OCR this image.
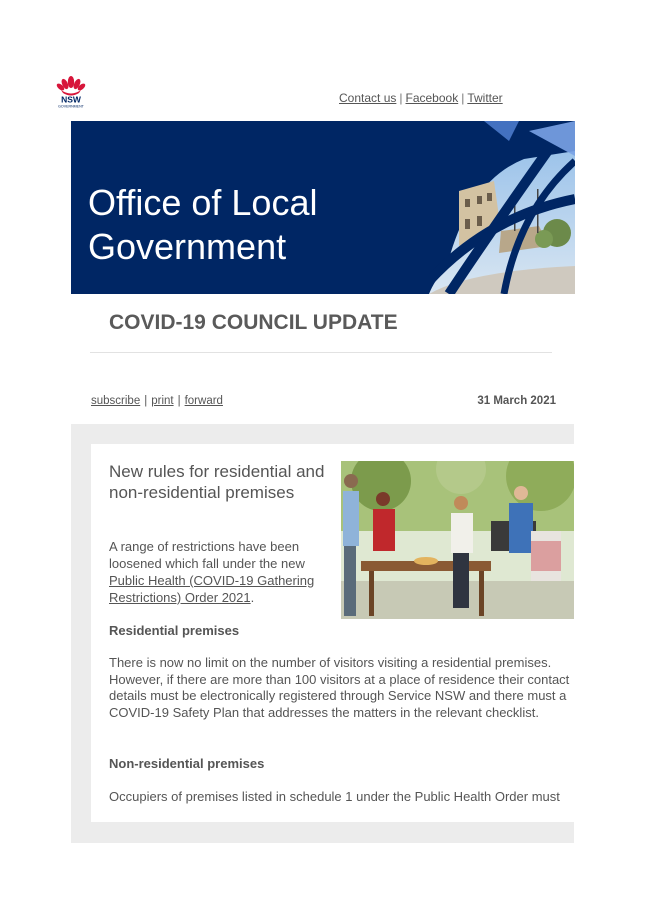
NSW
GOVERNMENT
Contact us | Facebook | Twitter
Office of Local
Government
COVID-19 COUNCIL UPDATE
subscribe | print | forward	31 March 2021
New rules for residential and non-residential premises
A range of restrictions have been loosened which fall under the new Public Health (COVID-19 Gathering Restrictions) Order 2021.
Residential premises
There is now no limit on the number of visitors visiting a residential premises. However, if there are more than 100 visitors at a place of residence their contact details must be electronically registered through Service NSW and there must a COVID-19 Safety Plan that addresses the matters in the relevant checklist.
Non-residential premises
Occupiers of premises listed in schedule 1 under the Public Health Order must
